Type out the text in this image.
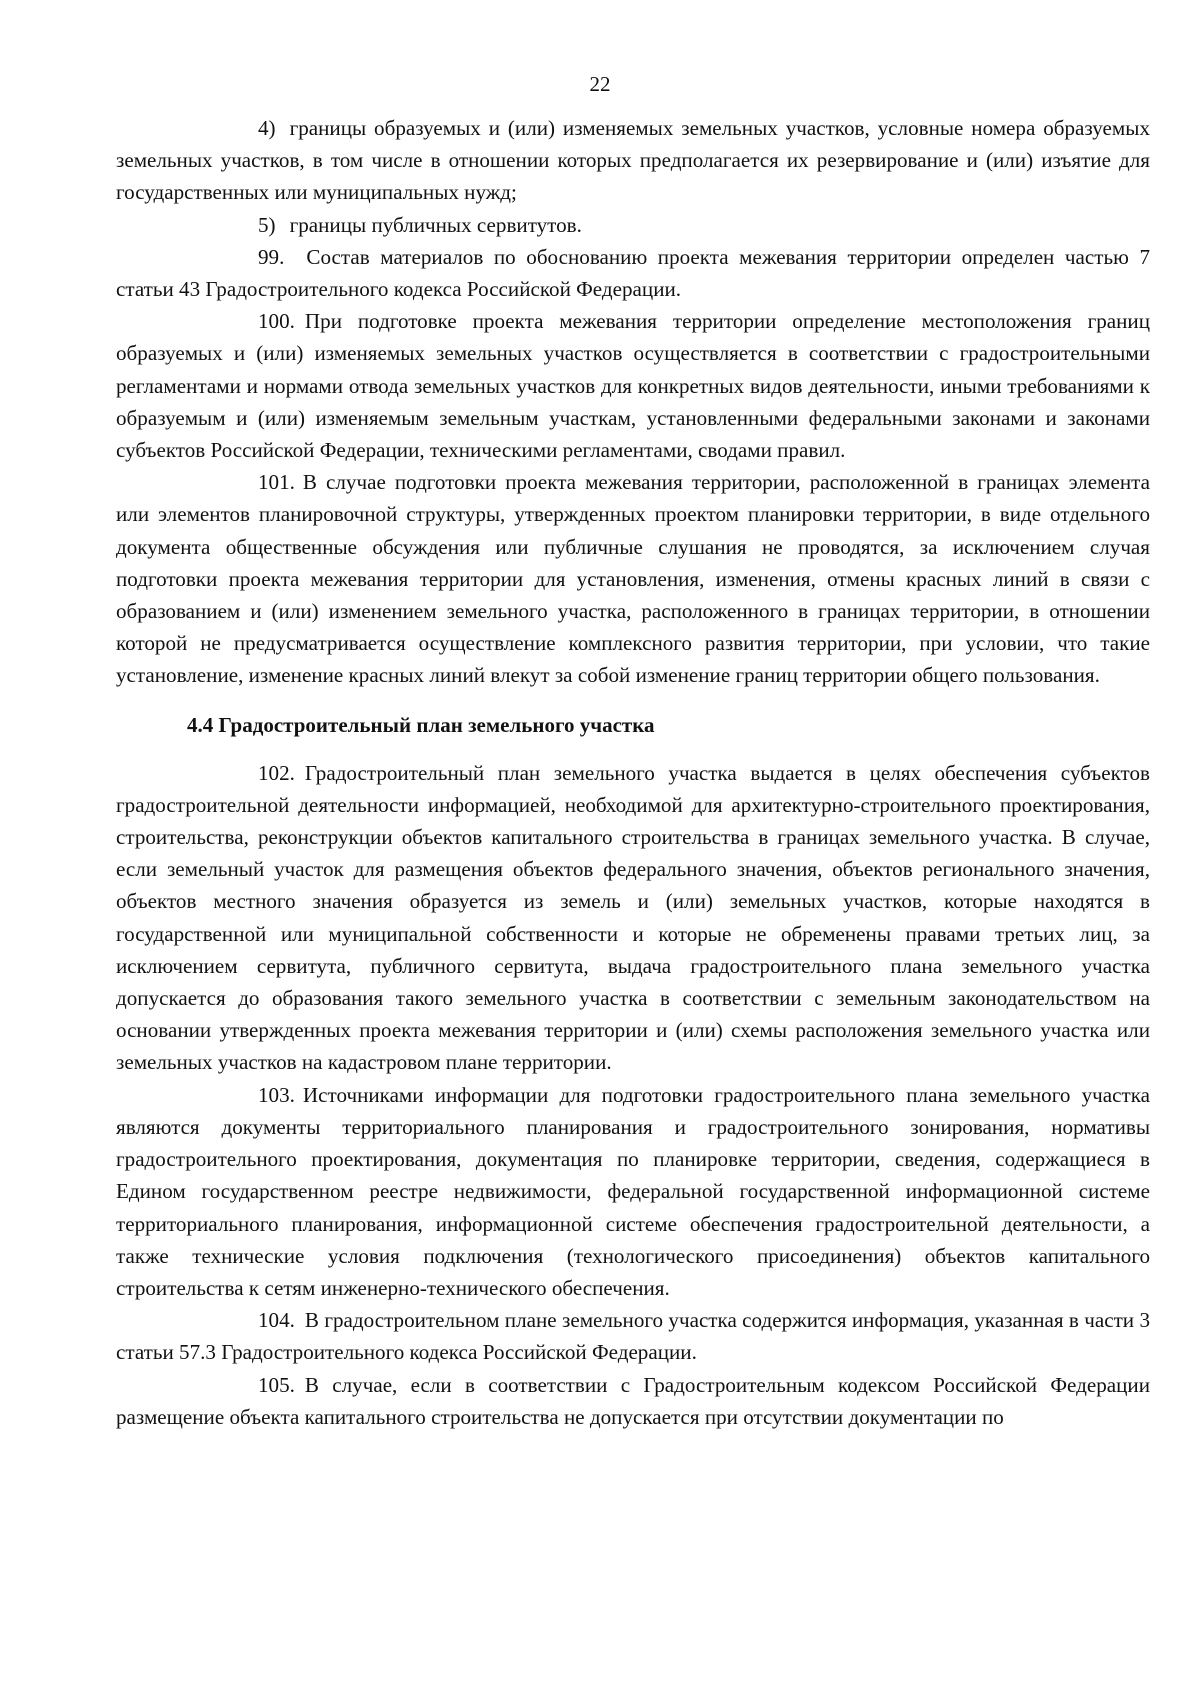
22

4) границы образуемых и (или) изменяемых земельных участков, условные номера образуемых земельных участков, в том числе в отношении которых предполагается их резервирование и (или) изъятие для государственных или муниципальных нужд;

5) границы публичных сервитутов.

99. Состав материалов по обоснованию проекта межевания территории определен частью 7 статьи 43 Градостроительного кодекса Российской Федерации.

100. При подготовке проекта межевания территории определение местоположения границ образуемых и (или) изменяемых земельных участков осуществляется в соответствии с градостроительными регламентами и нормами отвода земельных участков для конкретных видов деятельности, иными требованиями к образуемым и (или) изменяемым земельным участкам, установленными федеральными законами и законами субъектов Российской Федерации, техническими регламентами, сводами правил.

101. В случае подготовки проекта межевания территории, расположенной в границах элемента или элементов планировочной структуры, утвержденных проектом планировки территории, в виде отдельного документа общественные обсуждения или публичные слушания не проводятся, за исключением случая подготовки проекта межевания территории для установления, изменения, отмены красных линий в связи с образованием и (или) изменением земельного участка, расположенного в границах территории, в отношении которой не предусматривается осуществление комплексного развития территории, при условии, что такие установление, изменение красных линий влекут за собой изменение границ территории общего пользования.

4.4 Градостроительный план земельного участка

102. Градостроительный план земельного участка выдается в целях обеспечения субъектов градостроительной деятельности информацией, необходимой для архитектурно-строительного проектирования, строительства, реконструкции объектов капитального строительства в границах земельного участка. В случае, если земельный участок для размещения объектов федерального значения, объектов регионального значения, объектов местного значения образуется из земель и (или) земельных участков, которые находятся в государственной или муниципальной собственности и которые не обременены правами третьих лиц, за исключением сервитута, публичного сервитута, выдача градостроительного плана земельного участка допускается до образования такого земельного участка в соответствии с земельным законодательством на основании утвержденных проекта межевания территории и (или) схемы расположения земельного участка или земельных участков на кадастровом плане территории.

103. Источниками информации для подготовки градостроительного плана земельного участка являются документы территориального планирования и градостроительного зонирования, нормативы градостроительного проектирования, документация по планировке территории, сведения, содержащиеся в Едином государственном реестре недвижимости, федеральной государственной информационной системе территориального планирования, информационной системе обеспечения градостроительной деятельности, а также технические условия подключения (технологического присоединения) объектов капитального строительства к сетям инженерно-технического обеспечения.

104. В градостроительном плане земельного участка содержится информация, указанная в части 3 статьи 57.3 Градостроительного кодекса Российской Федерации.

105. В случае, если в соответствии с Градостроительным кодексом Российской Федерации размещение объекта капитального строительства не допускается при отсутствии документации по
